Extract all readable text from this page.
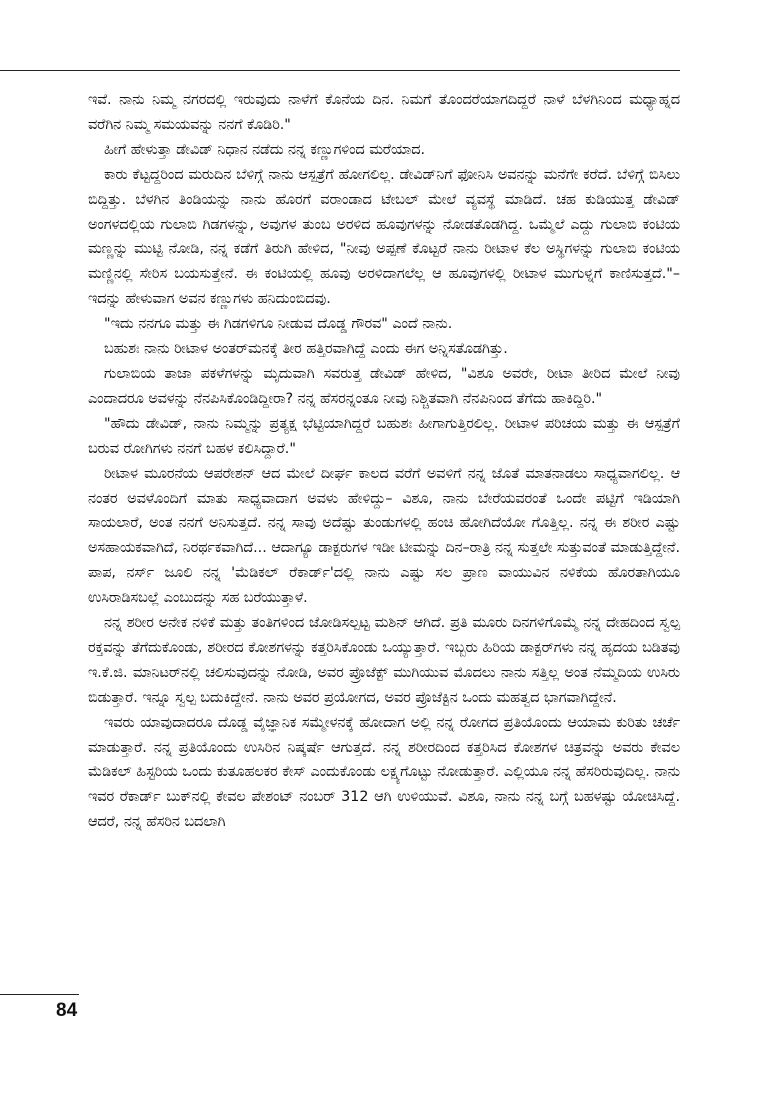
ಇವೆ. ನಾನು ನಿಮ್ಮ ನಗರದಲ್ಲಿ ಇರುವುದು ನಾಳೆಗೆ ಕೊನೆಯ ದಿನ. ನಿಮಗೆ ತೊಂದರೆಯಾಗದಿದ್ದರೆ ನಾಳೆ ಬೆಳಗಿನಿಂದ ಮಧ್ಯಾಹ್ನದ ವರೆಗಿನ ನಿಮ್ಮ ಸಮಯವನ್ನು ನನಗೆ ಕೊಡಿರಿ."

ಹೀಗೆ ಹೇಳುತ್ತಾ ಡೇವಿಡ್ ನಿಧಾನ ನಡೆದು ನನ್ನ ಕಣ್ಣುಗಳಿಂದ ಮರೆಯಾದ.

ಕಾರು ಕೆಟ್ಟದ್ದರಿಂದ ಮರುದಿನ ಬೆಳಿಗ್ಗೆ ನಾನು ಆಸ್ಪತ್ರೆಗೆ ಹೋಗಲಿಲ್ಲ. ಡೇವಿಡ್‌ನಿಗೆ ಫೋನಿಸಿ ಅವನನ್ನು ಮನೆಗೇ ಕರೆದೆ. ಬೆಳಿಗ್ಗೆ ಬಿಸಿಲು ಬಿದ್ದಿತ್ತು. ಬೆಳಗಿನ ತಿಂಡಿಯನ್ನು ನಾನು ಹೊರಗೆ ವರಾಂಡಾದ ಟೇಬಲ್ ಮೇಲೆ ವ್ಯವಸ್ಥೆ ಮಾಡಿದೆ. ಚಹ ಕುಡಿಯುತ್ತ ಡೇವಿಡ್ ಅಂಗಳದಲ್ಲಿಯ ಗುಲಾಬಿ ಗಿಡಗಳನ್ನು, ಅವುಗಳ ತುಂಬ ಅರಳಿದ ಹೂವುಗಳನ್ನು ನೋಡತೊಡಗಿದ್ದ. ಒಮ್ಮೆಲೆ ಎದ್ದು ಗುಲಾಬಿ ಕಂಟಿಯ ಮಣ್ಣನ್ನು ಮುಟ್ಟಿ ನೋಡಿ, ನನ್ನ ಕಡೆಗೆ ತಿರುಗಿ ಹೇಳಿದ, "ನೀವು ಅಪ್ಪಣೆ ಕೊಟ್ಟರೆ ನಾನು ರೀಟಾಳ ಕೆಲ ಅಸ್ಥಿಗಳನ್ನು ಗುಲಾಬಿ ಕಂಟಿಯ ಮಣ್ಣಿನಲ್ಲಿ ಸೇರಿಸ ಬಯಸುತ್ತೇನೆ. ಈ ಕಂಟಿಯಲ್ಲಿ ಹೂವು ಅರಳಿದಾಗಲೆಲ್ಲ ಆ ಹೂವುಗಳಲ್ಲಿ ರೀಟಾಳ ಮುಗುಳ್ನಗೆ ಕಾಣಿಸುತ್ತದೆ."– ಇದನ್ನು ಹೇಳುವಾಗ ಅವನ ಕಣ್ಣುಗಳು ಹನಿದುಂಬಿದವು.

"ಇದು ನನಗೂ ಮತ್ತು ಈ ಗಿಡಗಳಿಗೂ ನೀಡುವ ದೊಡ್ಡ ಗೌರವ" ಎಂದೆ ನಾನು.

ಬಹುಶಃ ನಾನು ರೀಟಾಳ ಅಂತರ್‌ಮನಕ್ಕೆ ತೀರ ಹತ್ತಿರವಾಗಿದ್ದೆ ಎಂದು ಈಗ ಅನ್ನಿಸತೊಡಗಿತ್ತು.

ಗುಲಾಬಿಯ ತಾಜಾ ಪಕಳೆಗಳನ್ನು ಮೃದುವಾಗಿ ಸವರುತ್ತ ಡೇವಿಡ್ ಹೇಳಿದ, "ವಿಶೂ ಅವರೇ, ರೀಟಾ ತೀರಿದ ಮೇಲೆ ನೀವು ಎಂದಾದರೂ ಅವಳನ್ನು ನೆನಪಿಸಿಕೊಂಡಿದ್ದೀರಾ? ನನ್ನ ಹೆಸರನ್ನಂತೂ ನೀವು ನಿಶ್ಚಿತವಾಗಿ ನೆನಪಿನಿಂದ ತೆಗೆದು ಹಾಕಿದ್ದಿರಿ."

"ಹೌದು ಡೇವಿಡ್, ನಾನು ನಿಮ್ಮನ್ನು ಪ್ರತ್ಯಕ್ಷ ಭೆಟ್ಟಿಯಾಗಿದ್ದರೆ ಬಹುಶಃ ಹೀಗಾಗುತ್ತಿರಲಿಲ್ಲ. ರೀಟಾಳ ಪರಿಚಯ ಮತ್ತು ಈ ಆಸ್ಪತ್ರೆಗೆ ಬರುವ ರೋಗಿಗಳು ನನಗೆ ಬಹಳ ಕಲಿಸಿದ್ದಾರೆ."

ರೀಟಾಳ ಮೂರನೆಯ ಆಪರೇಶನ್ ಆದ ಮೇಲೆ ದೀರ್ಘ ಕಾಲದ ವರೆಗೆ ಅವಳಿಗೆ ನನ್ನ ಜೊತೆ ಮಾತನಾಡಲು ಸಾಧ್ಯವಾಗಲಿಲ್ಲ. ಆ ನಂತರ ಅವಳೊಂದಿಗೆ ಮಾತು ಸಾಧ್ಯವಾದಾಗ ಅವಳು ಹೇಳಿದ್ದು– ವಿಶೂ, ನಾನು ಬೇರೆಯವರಂತೆ ಒಂದೇ ಪಟ್ಟಿಗೆ ಇಡಿಯಾಗಿ ಸಾಯಲಾರೆ, ಅಂತ ನನಗೆ ಅನಿಸುತ್ತದೆ. ನನ್ನ ಸಾವು ಅದೆಷ್ಟು ತುಂಡುಗಳಲ್ಲಿ ಹಂಚಿ ಹೋಗಿದೆಯೋ ಗೊತ್ತಿಲ್ಲ. ನನ್ನ ಈ ಶರೀರ ಎಷ್ಟು ಅಸಹಾಯಕವಾಗಿದೆ, ನಿರರ್ಥಕವಾಗಿದೆ... ಆದಾಗ್ಯೂ ಡಾಕ್ಟರುಗಳ ಇಡೀ ಟೀಮನ್ನು ದಿನ–ರಾತ್ರಿ ನನ್ನ ಸುತ್ತಲೇ ಸುತ್ತುವಂತೆ ಮಾಡುತ್ತಿದ್ದೇನೆ. ಪಾಪ, ನರ್ಸ್ ಜೂಲಿ ನನ್ನ 'ಮೆಡಿಕಲ್ ರೆಕಾರ್ಡ್'ದಲ್ಲಿ ನಾನು ಎಷ್ಟು ಸಲ ಪ್ರಾಣ ವಾಯುವಿನ ನಳಿಕೆಯ ಹೊರತಾಗಿಯೂ ಉಸಿರಾಡಿಸಬಲ್ಲೆ ಎಂಬುದನ್ನು ಸಹ ಬರೆಯುತ್ತಾಳೆ.

ನನ್ನ ಶರೀರ ಅನೇಕ ನಳಿಕೆ ಮತ್ತು ತಂತಿಗಳಿಂದ ಜೋಡಿಸಲ್ಪಟ್ಟ ಮಶಿನ್ ಆಗಿದೆ. ಪ್ರತಿ ಮೂರು ದಿನಗಳಿಗೊಮ್ಮೆ ನನ್ನ ದೇಹದಿಂದ ಸ್ವಲ್ಪ ರಕ್ತವನ್ನು ತೆಗೆದುಕೊಂಡು, ಶರೀರದ ಕೋಶಗಳನ್ನು ಕತ್ತರಿಸಿಕೊಂಡು ಒಯ್ಯುತ್ತಾರೆ. ಇಬ್ಬರು ಹಿರಿಯ ಡಾಕ್ಟರ್‌ಗಳು ನನ್ನ ಹೃದಯ ಬಡಿತವು ಇ.ಕೆ.ಜಿ. ಮಾನಿಟರ್‌ನಲ್ಲಿ ಚಲಿಸುವುದನ್ನು ನೋಡಿ, ಅವರ ಪ್ರೊಜೆಕ್ಟ್ ಮುಗಿಯುವ ಮೊದಲು ನಾನು ಸತ್ತಿಲ್ಲ ಅಂತ ನೆಮ್ಮದಿಯ ಉಸಿರು ಬಿಡುತ್ತಾರೆ. ಇನ್ನೂ ಸ್ವಲ್ಪ ಬದುಕಿದ್ದೇನೆ. ನಾನು ಅವರ ಪ್ರಯೋಗದ, ಅವರ ಪ್ರೊಜೆಕ್ಟಿನ ಒಂದು ಮಹತ್ವದ ಭಾಗವಾಗಿದ್ದೇನೆ.

ಇವರು ಯಾವುದಾದರೂ ದೊಡ್ಡ ವೈಜ್ಞಾನಿಕ ಸಮ್ಮೇಳನಕ್ಕೆ ಹೋದಾಗ ಅಲ್ಲಿ ನನ್ನ ರೋಗದ ಪ್ರತಿಯೊಂದು ಆಯಾಮ ಕುರಿತು ಚರ್ಚೆ ಮಾಡುತ್ತಾರೆ. ನನ್ನ ಪ್ರತಿಯೊಂದು ಉಸಿರಿನ ನಿಷ್ಕರ್ಷೆ ಆಗುತ್ತದೆ. ನನ್ನ ಶರೀರದಿಂದ ಕತ್ತರಿಸಿದ ಕೋಶಗಳ ಚಿತ್ರವನ್ನು ಅವರು ಕೇವಲ ಮೆಡಿಕಲ್ ಹಿಸ್ಟರಿಯ ಒಂದು ಕುತೂಹಲಕರ ಕೇಸ್ ಎಂದುಕೊಂಡು ಲಕ್ಷ್ಯಗೊಟ್ಟು ನೋಡುತ್ತಾರೆ. ಎಲ್ಲಿಯೂ ನನ್ನ ಹೆಸರಿರುವುದಿಲ್ಲ. ನಾನು ಇವರ ರೆಕಾರ್ಡ್ ಬುಕ್‌ನಲ್ಲಿ ಕೇವಲ ಪೇಶಂಟ್ ನಂಬರ್ 312 ಆಗಿ ಉಳಿಯುವೆ. ವಿಶೂ, ನಾನು ನನ್ನ ಬಗ್ಗೆ ಬಹಳಷ್ಟು ಯೋಚಿಸಿದ್ದೆ. ಆದರೆ, ನನ್ನ ಹೆಸರಿನ ಬದಲಾಗಿ

84
